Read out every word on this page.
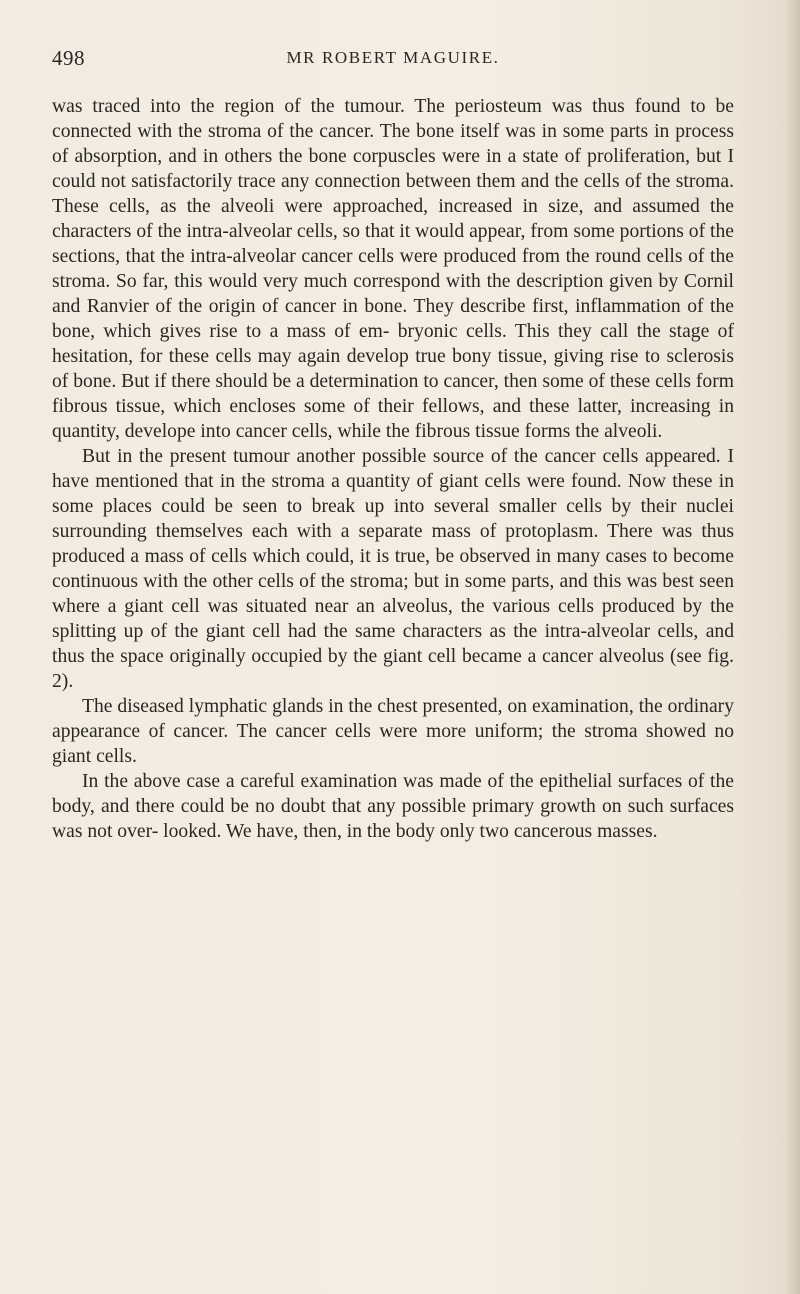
498	MR ROBERT MAGUIRE.

was traced into the region of the tumour. The periosteum was thus found to be connected with the stroma of the cancer. The bone itself was in some parts in process of absorption, and in others the bone corpuscles were in a state of proliferation, but I could not satisfactorily trace any connection between them and the cells of the stroma. These cells, as the alveoli were approached, increased in size, and assumed the characters of the intra-alveolar cells, so that it would appear, from some portions of the sections, that the intra-alveolar cancer cells were produced from the round cells of the stroma. So far, this would very much correspond with the description given by Cornil and Ranvier of the origin of cancer in bone. They describe first, inflammation of the bone, which gives rise to a mass of em- bryonic cells. This they call the stage of hesitation, for these cells may again develop true bony tissue, giving rise to sclerosis of bone. But if there should be a determination to cancer, then some of these cells form fibrous tissue, which encloses some of their fellows, and these latter, increasing in quantity, develope into cancer cells, while the fibrous tissue forms the alveoli.

But in the present tumour another possible source of the cancer cells appeared. I have mentioned that in the stroma a quantity of giant cells were found. Now these in some places could be seen to break up into several smaller cells by their nuclei surrounding themselves each with a separate mass of protoplasm. There was thus produced a mass of cells which could, it is true, be observed in many cases to become continuous with the other cells of the stroma; but in some parts, and this was best seen where a giant cell was situated near an alveolus, the various cells produced by the splitting up of the giant cell had the same characters as the intra-alveolar cells, and thus the space originally occupied by the giant cell became a cancer alveolus (see fig. 2).

The diseased lymphatic glands in the chest presented, on examination, the ordinary appearance of cancer. The cancer cells were more uniform; the stroma showed no giant cells.

In the above case a careful examination was made of the epithelial surfaces of the body, and there could be no doubt that any possible primary growth on such surfaces was not over- looked. We have, then, in the body only two cancerous masses.
